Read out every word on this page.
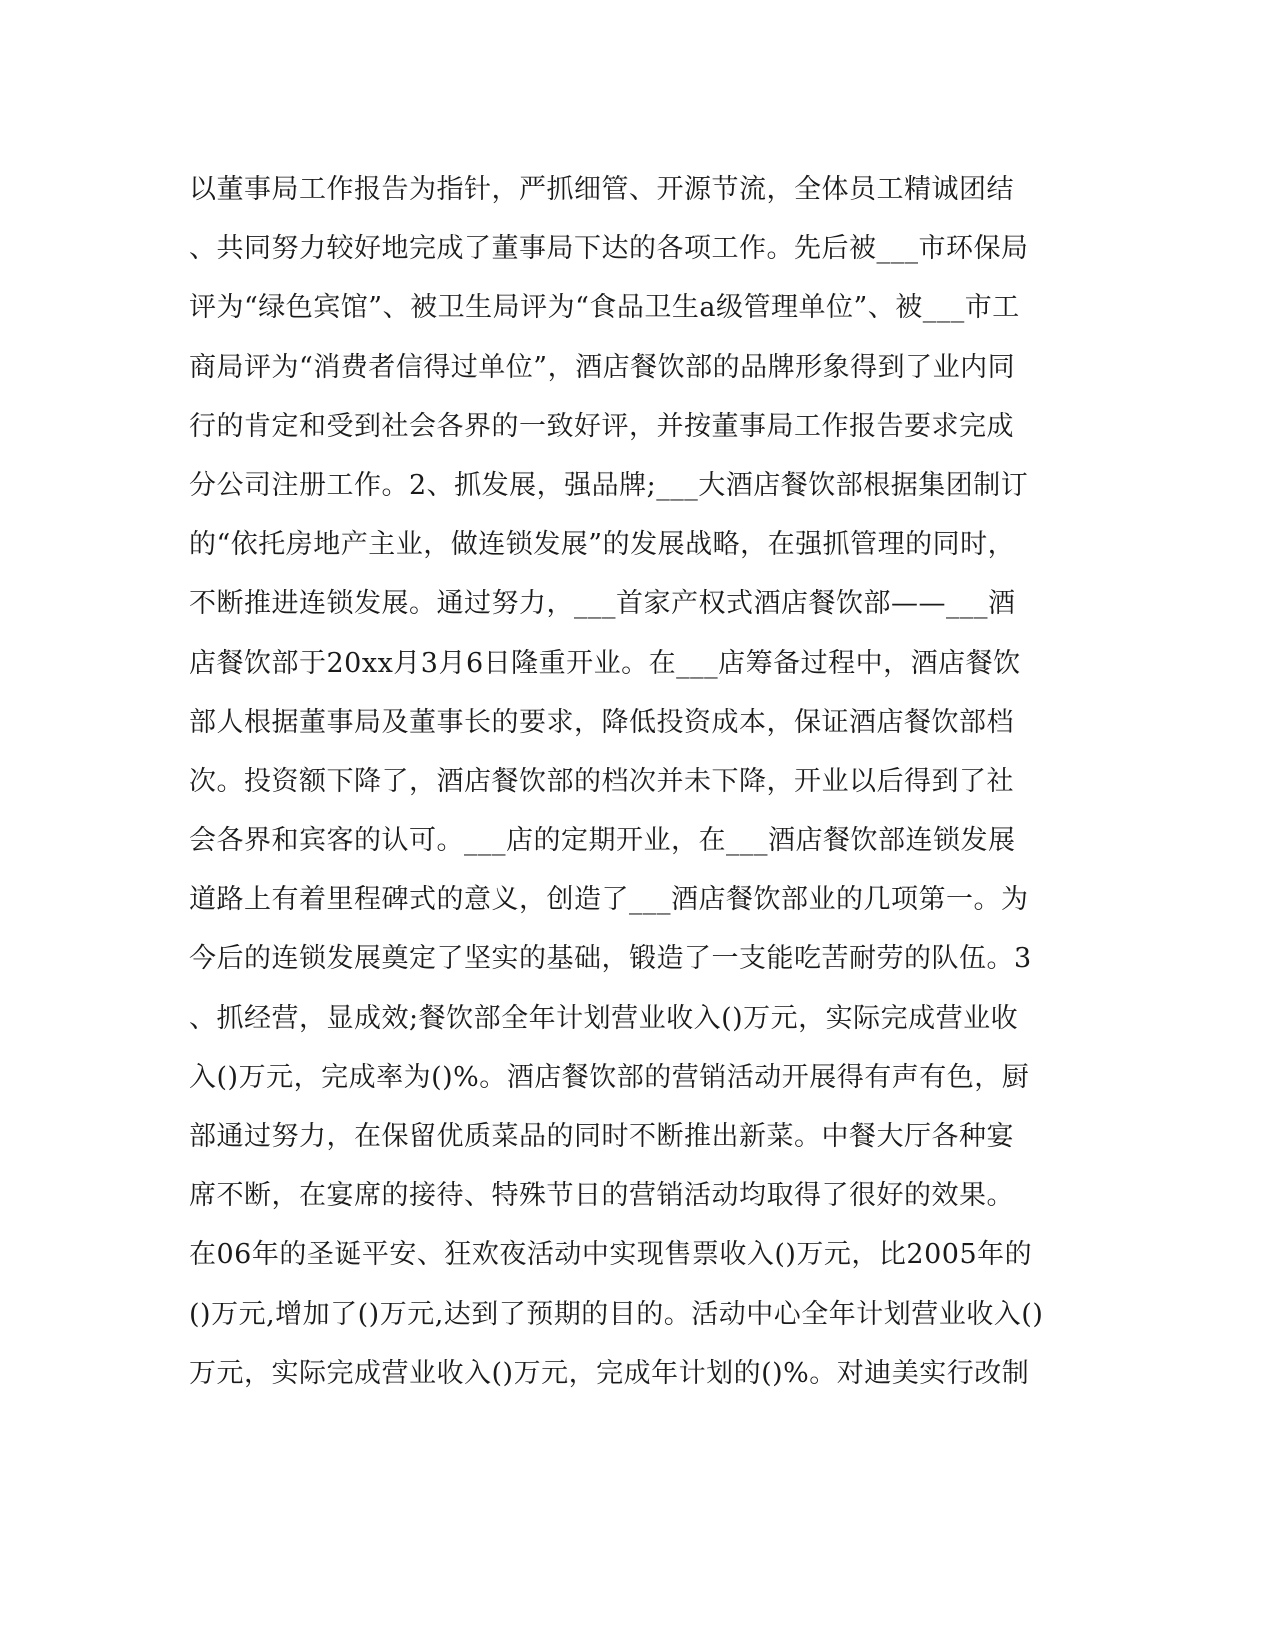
以董事局工作报告为指针，严抓细管、开源节流，全体员工精诚团结
、共同努力较好地完成了董事局下达的各项工作。先后被___市环保局
评为“绿色宾馆”、被卫生局评为“食品卫生a级管理单位”、被___市工
商局评为“消费者信得过单位”，酒店餐饮部的品牌形象得到了业内同
行的肯定和受到社会各界的一致好评，并按董事局工作报告要求完成
分公司注册工作。2、抓发展，强品牌;___大酒店餐饮部根据集团制订
的“依托房地产主业，做连锁发展”的发展战略，在强抓管理的同时，
不断推进连锁发展。通过努力，___首家产权式酒店餐饮部——___酒
店餐饮部于20xx月3月6日隆重开业。在___店筹备过程中，酒店餐饮
部人根据董事局及董事长的要求，降低投资成本，保证酒店餐饮部档
次。投资额下降了，酒店餐饮部的档次并未下降，开业以后得到了社
会各界和宾客的认可。___店的定期开业，在___酒店餐饮部连锁发展
道路上有着里程碑式的意义，创造了___酒店餐饮部业的几项第一。为
今后的连锁发展奠定了坚实的基础，锻造了一支能吃苦耐劳的队伍。3
、抓经营，显成效;餐饮部全年计划营业收入()万元，实际完成营业收
入()万元，完成率为()%。酒店餐饮部的营销活动开展得有声有色，厨
部通过努力，在保留优质菜品的同时不断推出新菜。中餐大厅各种宴
席不断，在宴席的接待、特殊节日的营销活动均取得了很好的效果。
在06年的圣诞平安、狂欢夜活动中实现售票收入()万元，比2005年的
()万元,增加了()万元,达到了预期的目的。活动中心全年计划营业收入()
万元，实际完成营业收入()万元，完成年计划的()%。对迪美实行改制
